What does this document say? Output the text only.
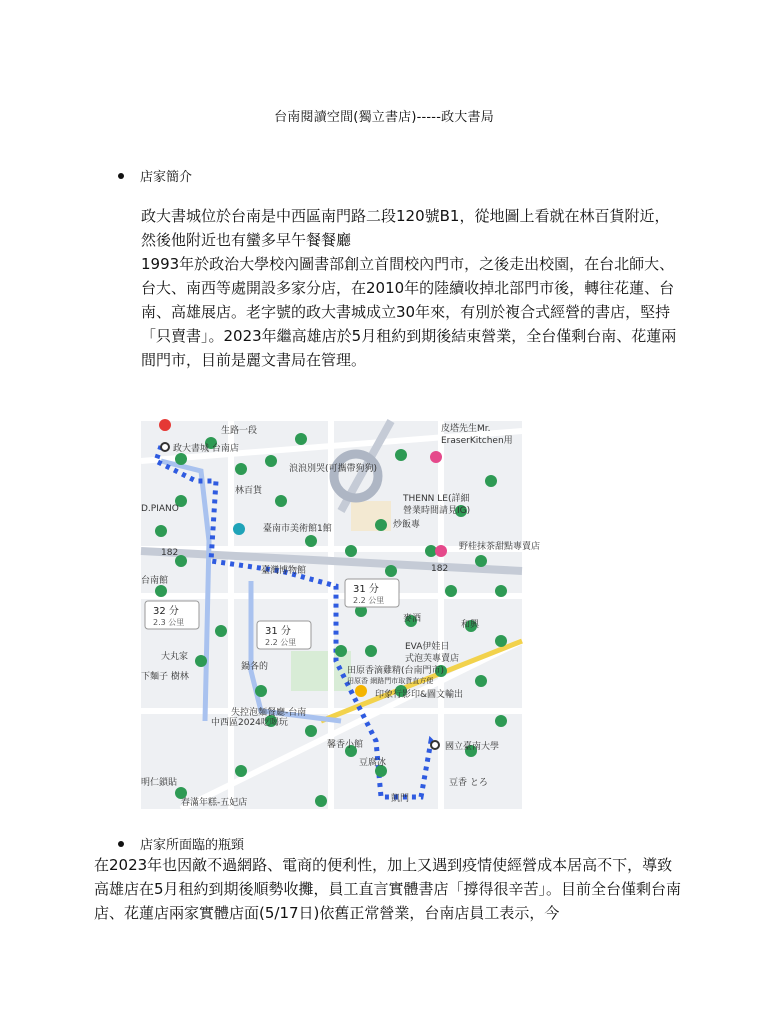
台南閱讀空間(獨立書店)-----政大書局
店家簡介

政大書城位於台南是中西區南門路二段120號B1，從地圖上看就在林百貨附近，然後他附近也有蠻多早午餐餐廳

1993年於政治大學校內圖書部創立首間校內門市，之後走出校園，在台北師大、台大、南西等處開設多家分店，在2010年的陸續收掉北部門市後，轉往花蓮、台南、高雄展店。老字號的政大書城成立30年來，有別於複合式經營的書店，堅持「只賣書」。2023年繼高雄店於5月租約到期後結束營業，全台僅剩台南、花蓮兩間門市，目前是麗文書局在管理。

政大書城 台南店
生路一段	皮塔先生Mr.
EraserKitchen用
浪浪別哭(可攜帶狗狗)
林百貨
D.PIANO
THENN LE(詳細
營業時間請見IG)
臺南市美術館1館	炒飯專
野桂抹茶甜點專賣店
182
182
臺灣博物館
台南館
麥酒
和興
EVA伊娃日
式泡芙專賣店
大丸家
鍋各的	田原香滴雞精(台南門市)
田原香 網路門市取貨直方便
印象行影印&圖文輸出
下麵子 樹林
失控泡麵餐廳-台南
中西區2024吃喝玩
國立臺南大學
馨香小館
豆腐冰
明仁鎖貼
春滿年糕-五妃店	凱門
豆香 とろ
31 分
2.2 公里
32 分
2.3 公里
31 分
2.2 公里
店家所面臨的瓶頸

在2023年也因敵不過網路、電商的便利性，加上又遇到疫情使經營成本居高不下，導致高雄店在5月租約到期後順勢收攤，員工直言實體書店「撐得很辛苦」。目前全台僅剩台南店、花蓮店兩家實體店面(5/17日)依舊正常營業，台南店員工表示，今
